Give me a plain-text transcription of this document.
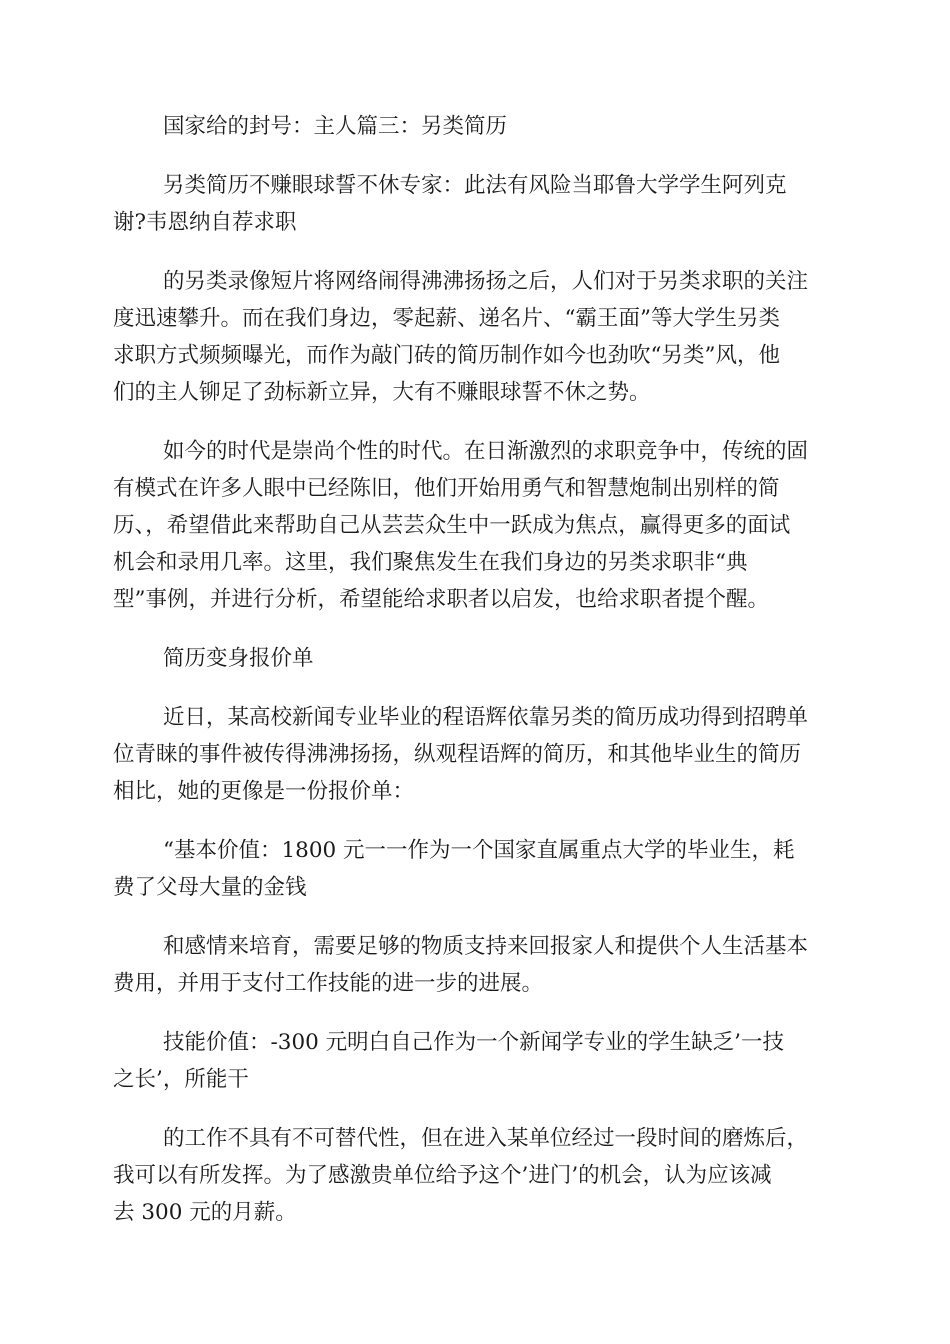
国家给的封号：主人篇三：另类简历

另类简历不赚眼球誓不休专家：此法有风险当耶鲁大学学生阿列克
谢?韦恩纳自荐求职

的另类录像短片将网络闹得沸沸扬扬之后，人们对于另类求职的关注
度迅速攀升。而在我们身边，零起薪、递名片、“霸王面”等大学生另类
求职方式频频曝光，而作为敲门砖的简历制作如今也劲吹“另类”风，他
们的主人铆足了劲标新立异，大有不赚眼球誓不休之势。

如今的时代是崇尚个性的时代。在日渐激烈的求职竞争中，传统的固
有模式在许多人眼中已经陈旧，他们开始用勇气和智慧炮制出别样的简
历、，希望借此来帮助自己从芸芸众生中一跃成为焦点，赢得更多的面试
机会和录用几率。这里，我们聚焦发生在我们身边的另类求职非“典
型”事例，并进行分析，希望能给求职者以启发，也给求职者提个醒。

简历变身报价单

近日，某高校新闻专业毕业的程语辉依靠另类的简历成功得到招聘单
位青睐的事件被传得沸沸扬扬，纵观程语辉的简历，和其他毕业生的简历
相比，她的更像是一份报价单：

“基本价值：1800 元一一作为一个国家直属重点大学的毕业生，耗
费了父母大量的金钱

和感情来培育，需要足够的物质支持来回报家人和提供个人生活基本
费用，并用于支付工作技能的进一步的进展。

技能价值：-300 元明白自己作为一个新闻学专业的学生缺乏’一技
之长’，所能干

的工作不具有不可替代性，但在进入某单位经过一段时间的磨炼后，
我可以有所发挥。为了感激贵单位给予这个’进门’的机会，认为应该减
去 300 元的月薪。
